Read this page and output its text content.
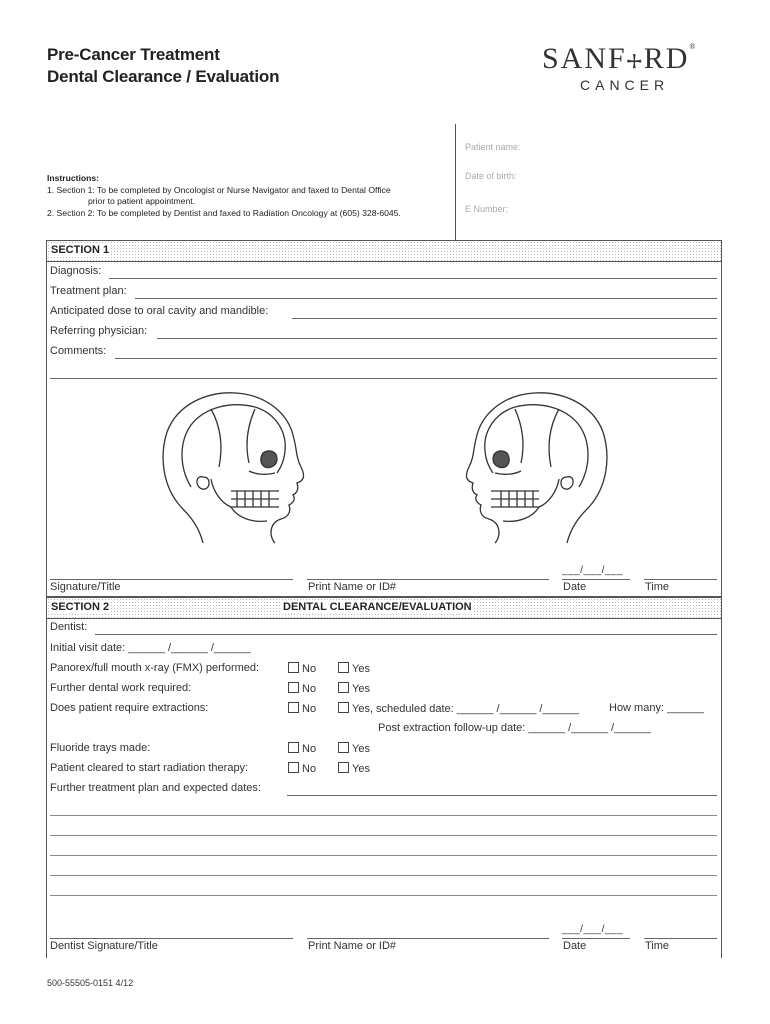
Pre-Cancer Treatment
Dental Clearance / Evaluation
SANF⧾RD®
CANCER
Instructions:
1. Section 1: To be completed by Oncologist or Nurse Navigator and faxed to Dental Office
prior to patient appointment.
2. Section 2: To be completed by Dentist and faxed to Radiation Oncology at (605) 328-6045.
Patient name:
Date of birth:
E Number:
SECTION 1
Diagnosis:
Treatment plan:
Anticipated dose to oral cavity and mandible:
Referring physician:
Comments:
___/___/___
Signature/Title	Print Name or ID#	Date	Time
SECTION 2	DENTAL CLEARANCE/EVALUATION
Dentist:
Initial visit date: ______ /______ /______
Panorex/full mouth x-ray (FMX) performed:	No	Yes
Further dental work required:	No	Yes
Does patient require extractions:	No	Yes, scheduled date: ______ /______ /______	How many: ______
Post extraction follow-up date: ______ /______ /______
Fluoride trays made:	No	Yes
Patient cleared to start radiation therapy:	No	Yes
Further treatment plan and expected dates:
___/___/___
Dentist Signature/Title	Print Name or ID#	Date	Time
500-55505-0151 4/12
